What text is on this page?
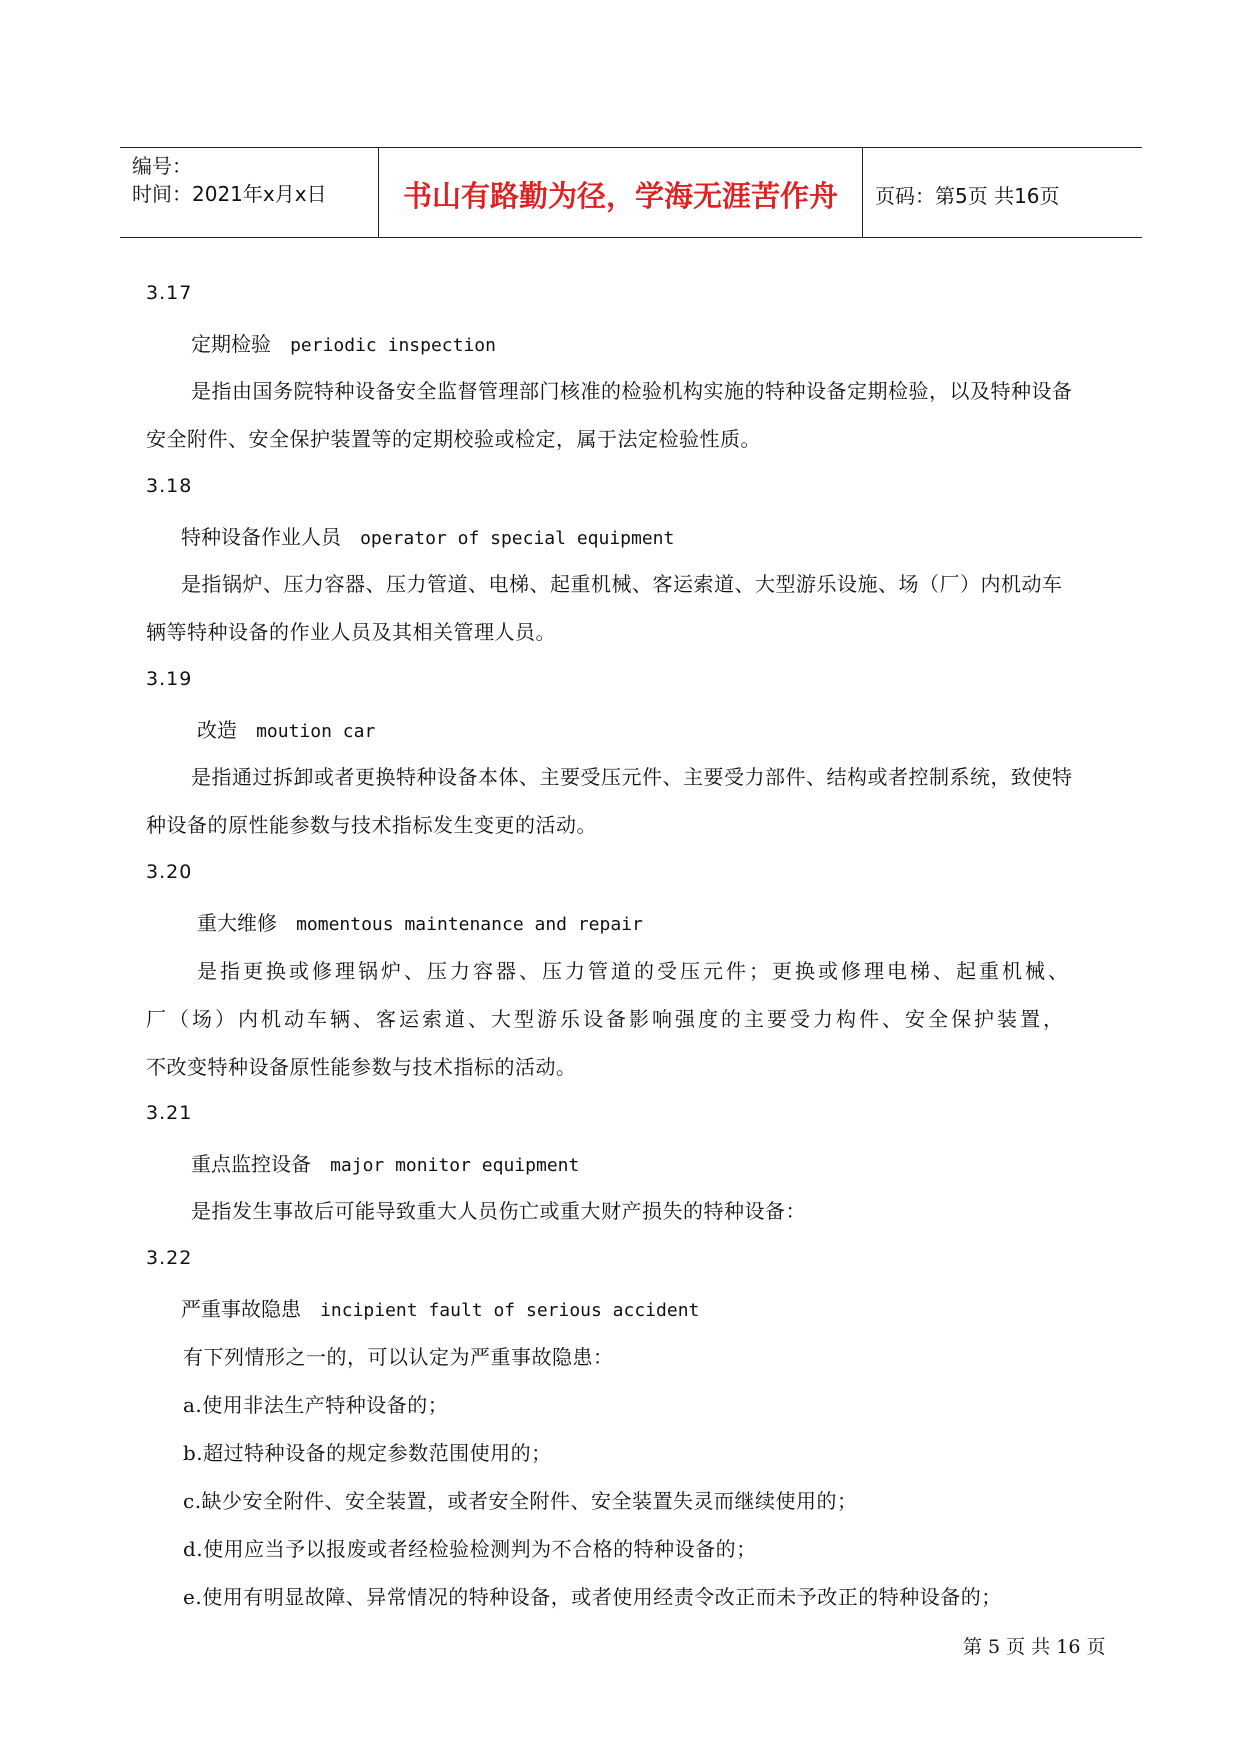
编号：
时间：2021年x月x日	书山有路勤为径，学海无涯苦作舟	页码：第5页 共16页
3.17
定期检验 periodic inspection
是指由国务院特种设备安全监督管理部门核准的检验机构实施的特种设备定期检验，以及特种设备
安全附件、安全保护装置等的定期校验或检定，属于法定检验性质。
3.18
特种设备作业人员 operator of special equipment
是指锅炉、压力容器、压力管道、电梯、起重机械、客运索道、大型游乐设施、场（厂）内机动车
辆等特种设备的作业人员及其相关管理人员。
3.19
改造 moution car
是指通过拆卸或者更换特种设备本体、主要受压元件、主要受力部件、结构或者控制系统，致使特
种设备的原性能参数与技术指标发生变更的活动。
3.20
重大维修 momentous maintenance and repair
是指更换或修理锅炉、压力容器、压力管道的受压元件；更换或修理电梯、起重机械、
厂（场）内机动车辆、客运索道、大型游乐设备影响强度的主要受力构件、安全保护装置，
不改变特种设备原性能参数与技术指标的活动。
3.21
重点监控设备 major monitor equipment
是指发生事故后可能导致重大人员伤亡或重大财产损失的特种设备：
3.22
严重事故隐患 incipient fault of serious accident
有下列情形之一的，可以认定为严重事故隐患：
a.使用非法生产特种设备的；
b.超过特种设备的规定参数范围使用的；
c.缺少安全附件、安全装置，或者安全附件、安全装置失灵而继续使用的；
d.使用应当予以报废或者经检验检测判为不合格的特种设备的；
e.使用有明显故障、异常情况的特种设备，或者使用经责令改正而未予改正的特种设备的；
第 5 页 共 16 页
